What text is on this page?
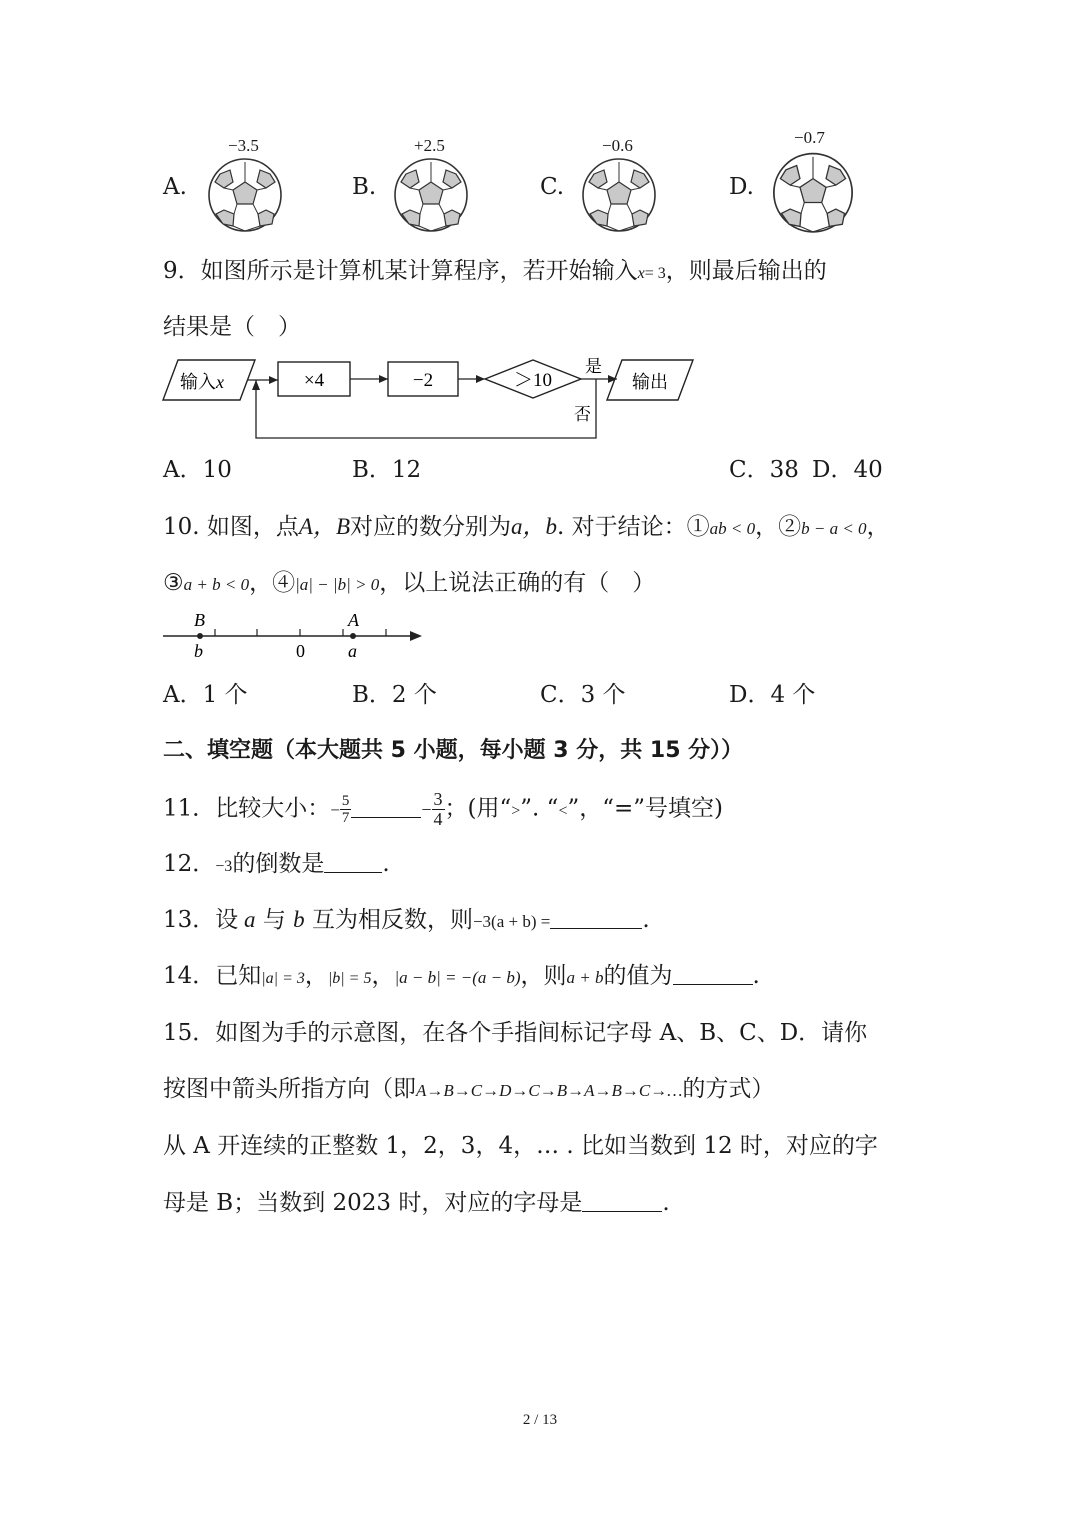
A.
−3.5
B.
+2.5
C.
−0.6
D.
−0.7
9．如图所示是计算机某计算程序，若开始输入x= 3，则最后输出的
结果是（　）
输入x	×4	−2	＞10
是
输出
否
A．10	B．12	C．38 D．40
10. 如图，点A，B对应的数分别为a，b. 对于结论：①ab < 0，②b − a < 0，
③a + b < 0，④|a| − |b| > 0，以上说法正确的有（　）
B
b	0
A
a
A．1 个	B．2 个	C．3 个	D．4 个
二、填空题（本大题共 5 小题，每小题 3 分，共 15 分））
11．比较大小：− $\frac{5}{7}$	− $\frac{3}{4}$ ；(用“>”. “<”，“=”号填空)
12．−3的倒数是	.
13．设 a 与 b 互为相反数，则−3(a + b) =	.
14．已知|a| = 3，|b| = 5，|a − b| = −(a − b)，则a + b的值为	.
15．如图为手的示意图，在各个手指间标记字母 A、B、C、D．请你
按图中箭头所指方向（即A→B→C→D→C→B→A→B→C→…的方式）
从 A 开连续的正整数 1，2，3，4，… . 比如当数到 12 时，对应的字
母是 B；当数到 2023 时，对应的字母是	.
2 / 13
